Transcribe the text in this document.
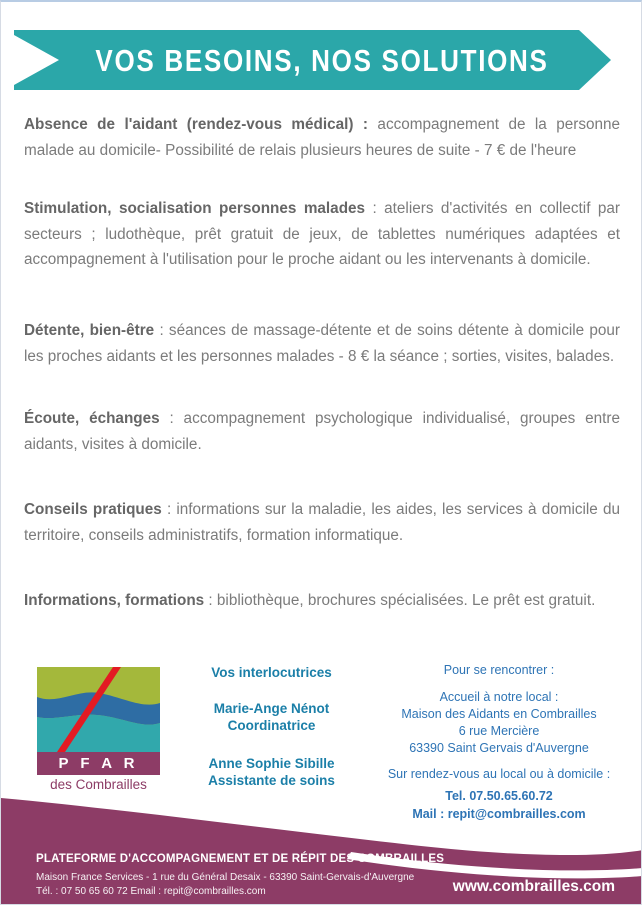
VOS BESOINS, NOS SOLUTIONS

Absence de l'aidant (rendez-vous médical) : accompagnement de la personne malade au domicile- Possibilité de relais plusieurs heures de suite - 7 € de l'heure

Stimulation, socialisation personnes malades : ateliers d'activités en collectif par secteurs ; ludothèque, prêt gratuit de jeux, de tablettes numériques adaptées et accompagnement à l'utilisation pour le proche aidant ou les intervenants à domicile.

Détente, bien-être : séances de massage-détente et de soins détente à domicile pour les proches aidants et les personnes malades - 8 € la séance ; sorties, visites, balades.

Écoute, échanges : accompagnement psychologique individualisé, groupes entre aidants, visites à domicile.

Conseils pratiques : informations sur la maladie, les aides, les services à domicile du territoire, conseils administratifs, formation informatique.

Informations, formations : bibliothèque, brochures spécialisées. Le prêt est gratuit.

P F A R
des Combrailles
Vos interlocutrices
Marie-Ange Nénot
Coordinatrice
Anne Sophie Sibille
Assistante de soins
Pour se rencontrer :
Accueil à notre local :
Maison des Aidants en Combrailles
6 rue Mercière
63390 Saint Gervais d'Auvergne
Sur rendez-vous au local ou à domicile :
Tel. 07.50.65.60.72
Mail : repit@combrailles.com
PLATEFORME D'ACCOMPAGNEMENT ET DE RÉPIT DES COMBRAILLES
Maison France Services - 1 rue du Général Desaix - 63390 Saint-Gervais-d'Auvergne
Tél. : 07 50 65 60 72 Email : repit@combrailles.com	www.combrailles.com
